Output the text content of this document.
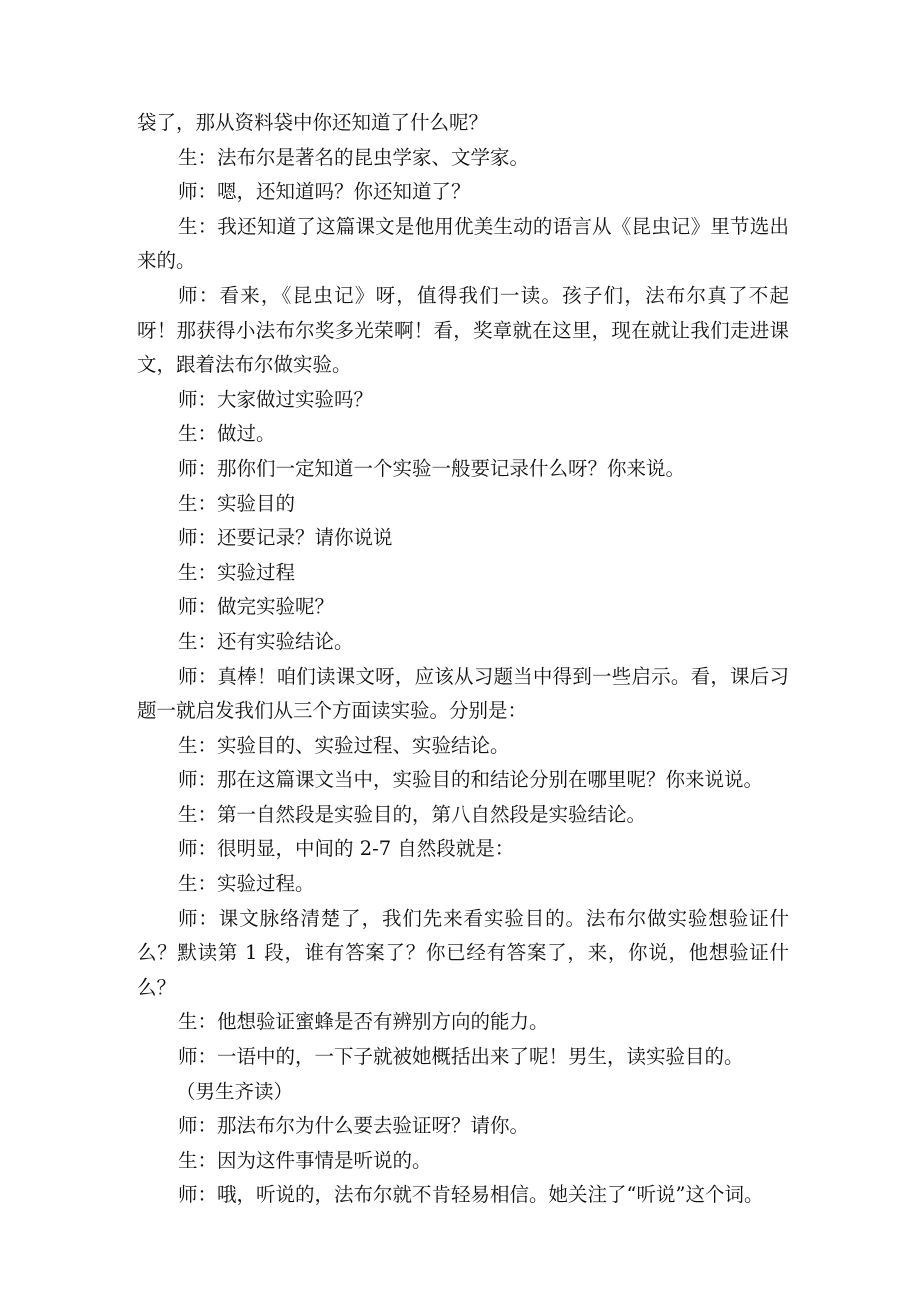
袋了，那从资料袋中你还知道了什么呢？

生：法布尔是著名的昆虫学家、文学家。

师：嗯，还知道吗？你还知道了？

生：我还知道了这篇课文是他用优美生动的语言从《昆虫记》里节选出来的。

师：看来，《昆虫记》呀，值得我们一读。孩子们，法布尔真了不起呀！那获得小法布尔奖多光荣啊！看，奖章就在这里，现在就让我们走进课文，跟着法布尔做实验。

师：大家做过实验吗？

生：做过。

师：那你们一定知道一个实验一般要记录什么呀？你来说。

生：实验目的

师：还要记录？请你说说

生：实验过程

师：做完实验呢？

生：还有实验结论。

师：真棒！咱们读课文呀，应该从习题当中得到一些启示。看，课后习题一就启发我们从三个方面读实验。分别是：

生：实验目的、实验过程、实验结论。

师：那在这篇课文当中，实验目的和结论分别在哪里呢？你来说说。

生：第一自然段是实验目的，第八自然段是实验结论。

师：很明显，中间的 2-7 自然段就是：

生：实验过程。

师：课文脉络清楚了，我们先来看实验目的。法布尔做实验想验证什么？默读第 1 段，谁有答案了？你已经有答案了，来，你说，他想验证什么？

生：他想验证蜜蜂是否有辨别方向的能力。

师：一语中的，一下子就被她概括出来了呢！男生，读实验目的。

（男生齐读）

师：那法布尔为什么要去验证呀？请你。

生：因为这件事情是听说的。

师：哦，听说的，法布尔就不肯轻易相信。她关注了“听说”这个词。
